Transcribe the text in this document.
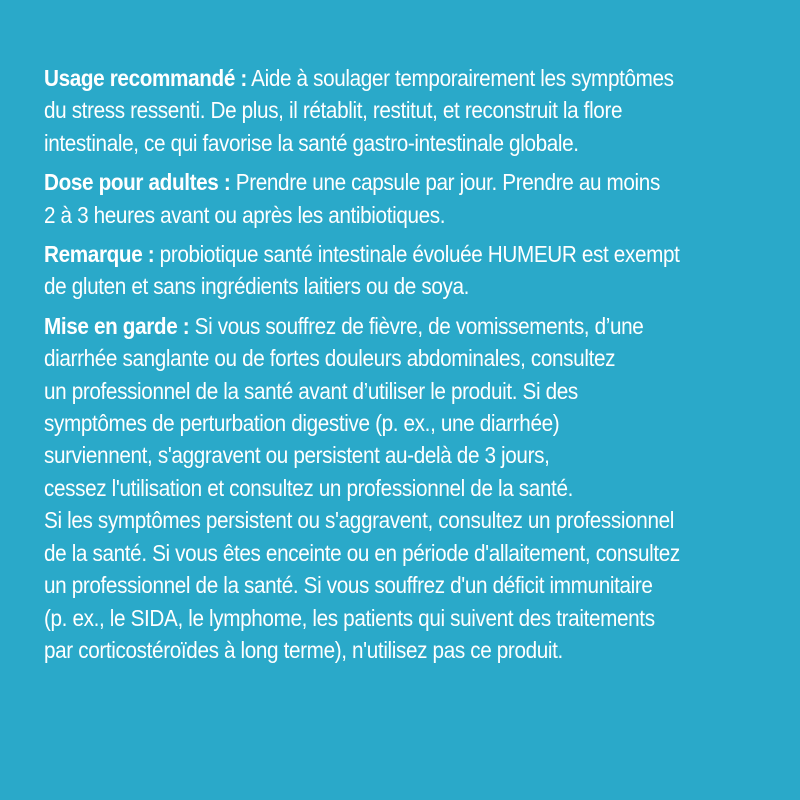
Usage recommandé : Aide à soulager temporairement les symptômes
du stress ressenti. De plus, il rétablit, restitut, et reconstruit la flore
intestinale, ce qui favorise la santé gastro-intestinale globale.
Dose pour adultes : Prendre une capsule par jour. Prendre au moins
2 à 3 heures avant ou après les antibiotiques.
Remarque : probiotique santé intestinale évoluée HUMEUR est exempt
de gluten et sans ingrédients laitiers ou de soya.
Mise en garde : Si vous souffrez de fièvre, de vomissements, d’une
diarrhée sanglante ou de fortes douleurs abdominales, consultez
un professionnel de la santé avant d’utiliser le produit. Si des
symptômes de perturbation digestive (p. ex., une diarrhée)
surviennent, s'aggravent ou persistent au-delà de 3 jours,
cessez l'utilisation et consultez un professionnel de la santé.
Si les symptômes persistent ou s'aggravent, consultez un professionnel
de la santé. Si vous êtes enceinte ou en période d'allaitement, consultez
un professionnel de la santé. Si vous souffrez d'un déficit immunitaire
(p. ex., le SIDA, le lymphome, les patients qui suivent des traitements
par corticostéroïdes à long terme), n'utilisez pas ce produit.
